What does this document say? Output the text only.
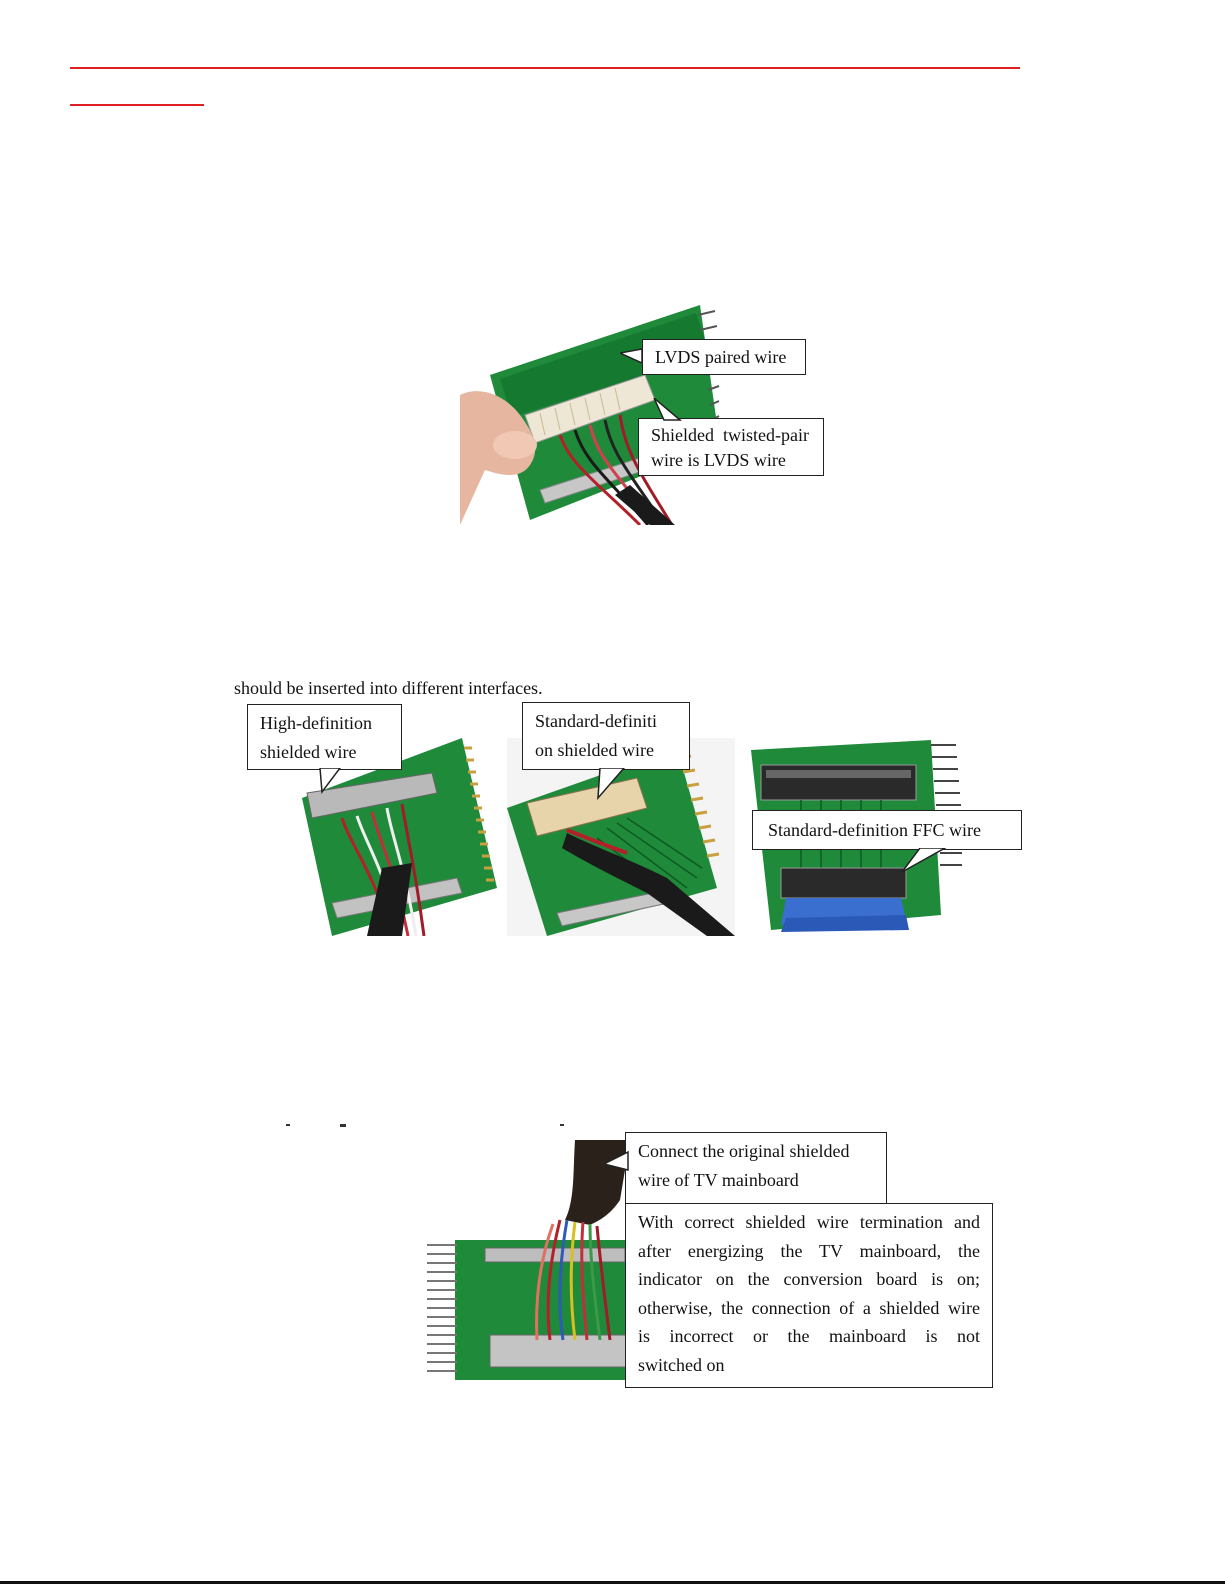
LVDS paired wire
Shielded  twisted-pair
wire is LVDS wire
should be inserted into different interfaces.
High-definition
shielded wire
Standard-definiti
on shielded wire
Standard-definition FFC wire
Connect the original shielded
wire of TV mainboard
With correct shielded wire termination and
after energizing the TV mainboard, the
indicator on the conversion board is on;
otherwise, the connection of a shielded wire
is  incorrect  or  the  mainboard  is  not
switched on
